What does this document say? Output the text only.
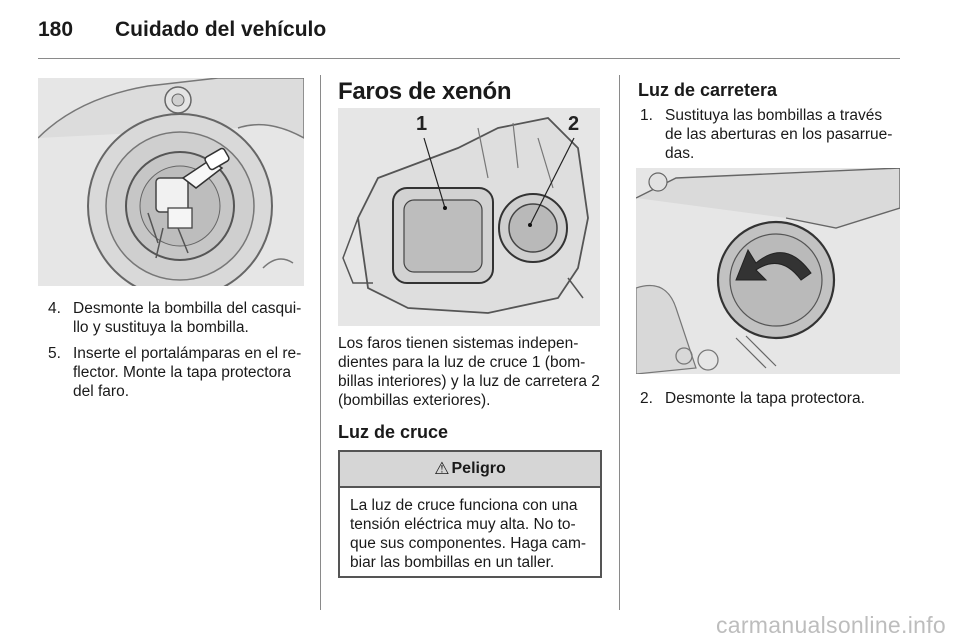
180 Cuidado del vehículo
4. Desmonte la bombilla del casqui-llo y sustituya la bombilla.
5. Inserte el portalámparas en el re-flector. Monte la tapa protectora del faro.
Faros de xenón
1	2

Los faros tienen sistemas indepen-dientes para la luz de cruce 1 (bom-billas interiores) y la luz de carretera 2 (bombillas exteriores).

Luz de cruce
⚠ Peligro
La luz de cruce funciona con una tensión eléctrica muy alta. No to-que sus componentes. Haga cam-biar las bombillas en un taller.
Luz de carretera
1. Sustituya las bombillas a través de las aberturas en los pasarrue-das.
2. Desmonte la tapa protectora.
carmanualsonline.info
